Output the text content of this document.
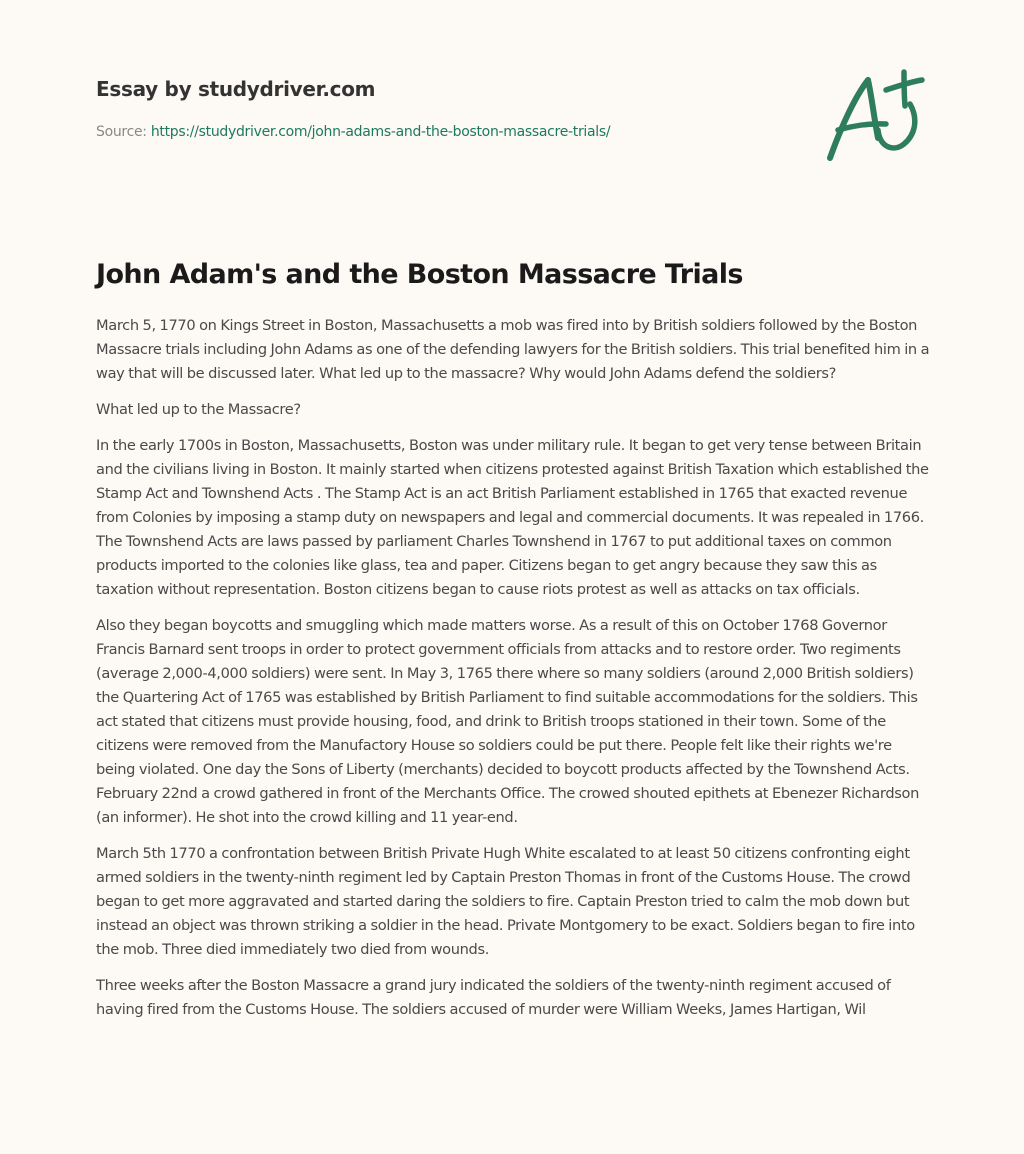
Essay by studydriver.com
Source: https://studydriver.com/john-adams-and-the-boston-massacre-trials/
John Adam's and the Boston Massacre Trials

March 5, 1770 on Kings Street in Boston, Massachusetts a mob was fired into by British soldiers followed by the Boston Massacre trials including John Adams as one of the defending lawyers for the British soldiers. This trial benefited him in a way that will be discussed later. What led up to the massacre? Why would John Adams defend the soldiers?

What led up to the Massacre?

In the early 1700s in Boston, Massachusetts, Boston was under military rule. It began to get very tense between Britain and the civilians living in Boston. It mainly started when citizens protested against British Taxation which established the Stamp Act and Townshend Acts . The Stamp Act is an act British Parliament established in 1765 that exacted revenue from Colonies by imposing a stamp duty on newspapers and legal and commercial documents. It was repealed in 1766. The Townshend Acts are laws passed by parliament Charles Townshend in 1767 to put additional taxes on common products imported to the colonies like glass, tea and paper. Citizens began to get angry because they saw this as taxation without representation. Boston citizens began to cause riots protest as well as attacks on tax officials.

Also they began boycotts and smuggling which made matters worse. As a result of this on October 1768 Governor Francis Barnard sent troops in order to protect government officials from attacks and to restore order. Two regiments (average 2,000-4,000 soldiers) were sent. In May 3, 1765 there where so many soldiers (around 2,000 British soldiers) the Quartering Act of 1765 was established by British Parliament to find suitable accommodations for the soldiers. This act stated that citizens must provide housing, food, and drink to British troops stationed in their town. Some of the citizens were removed from the Manufactory House so soldiers could be put there. People felt like their rights we're being violated. One day the Sons of Liberty (merchants) decided to boycott products affected by the Townshend Acts. February 22nd a crowd gathered in front of the Merchants Office. The crowed shouted epithets at Ebenezer Richardson (an informer). He shot into the crowd killing and 11 year-end.

March 5th 1770 a confrontation between British Private Hugh White escalated to at least 50 citizens confronting eight armed soldiers in the twenty-ninth regiment led by Captain Preston Thomas in front of the Customs House. The crowd began to get more aggravated and started daring the soldiers to fire. Captain Preston tried to calm the mob down but instead an object was thrown striking a soldier in the head. Private Montgomery to be exact. Soldiers began to fire into the mob. Three died immediately two died from wounds.

Three weeks after the Boston Massacre a grand jury indicated the soldiers of the twenty-ninth regiment accused of having fired from the Customs House. The soldiers accused of murder were William Weeks, James Hartigan, Wil
